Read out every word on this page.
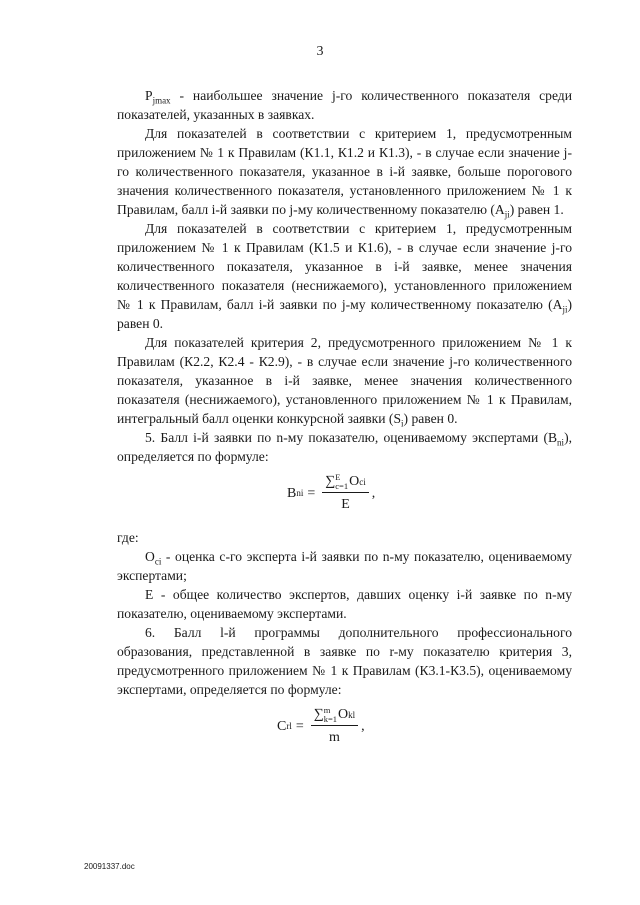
3

$P_{jmax}$ - наибольшее значение j-го количественного показателя среди показателей, указанных в заявках.

Для показателей в соответствии с критерием 1, предусмотренным приложением № 1 к Правилам (К1.1, К1.2 и К1.3), - в случае если значение j-го количественного показателя, указанное в i-й заявке, больше порогового значения количественного показателя, установленного приложением № 1 к Правилам, балл i-й заявки по j-му количественному показателю $(A_{ji})$ равен 1.

Для показателей в соответствии с критерием 1, предусмотренным приложением № 1 к Правилам (К1.5 и К1.6), - в случае если значение j-го количественного показателя, указанное в i-й заявке, менее значения количественного показателя (неснижаемого), установленного приложением № 1 к Правилам, балл i-й заявки по j-му количественному показателю $(A_{ji})$ равен 0.

Для показателей критерия 2, предусмотренного приложением № 1 к Правилам (К2.2, К2.4 - К2.9), - в случае если значение j-го количественного показателя, указанное в i-й заявке, менее значения количественного показателя (неснижаемого), установленного приложением № 1 к Правилам, интегральный балл оценки конкурсной заявки $(S_i)$ равен 0.

5. Балл i-й заявки по n-му показателю, оцениваемому экспертами $(B_{ni})$, определяется по формуле:

B ni = ∑ E
c=1 O ci
E ,

где:

$O_{ci}$ - оценка c-го эксперта i-й заявки по n-му показателю, оцениваемому экспертами;

E - общее количество экспертов, давших оценку i-й заявке по n-му показателю, оцениваемому экспертами.

6. Балл l-й программы дополнительного профессионального образования, представленной в заявке по r-му показателю критерия 3, предусмотренного приложением № 1 к Правилам (К3.1-К3.5), оцениваемому экспертами, определяется по формуле:

C rl = ∑ m
k=1 O kl
m ,
20091337.doc
